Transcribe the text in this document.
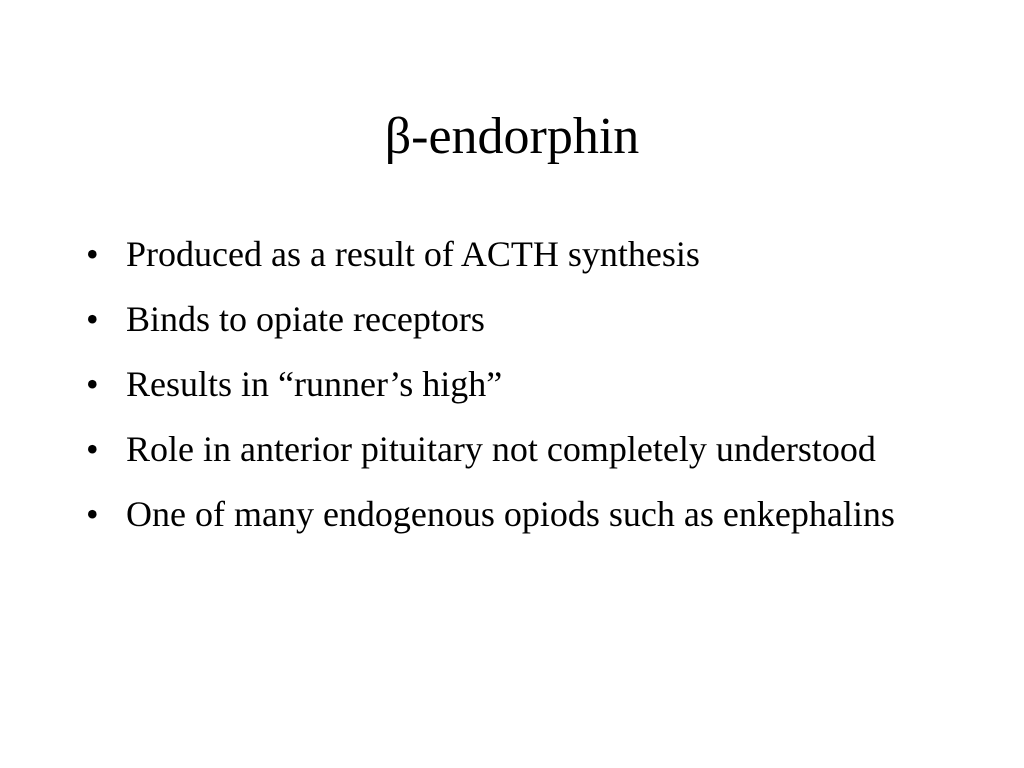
β-endorphin
• Produced as a result of ACTH synthesis
• Binds to opiate receptors
• Results in “runner’s high”
• Role in anterior pituitary not completely understood
• One of many endogenous opiods such as enkephalins
